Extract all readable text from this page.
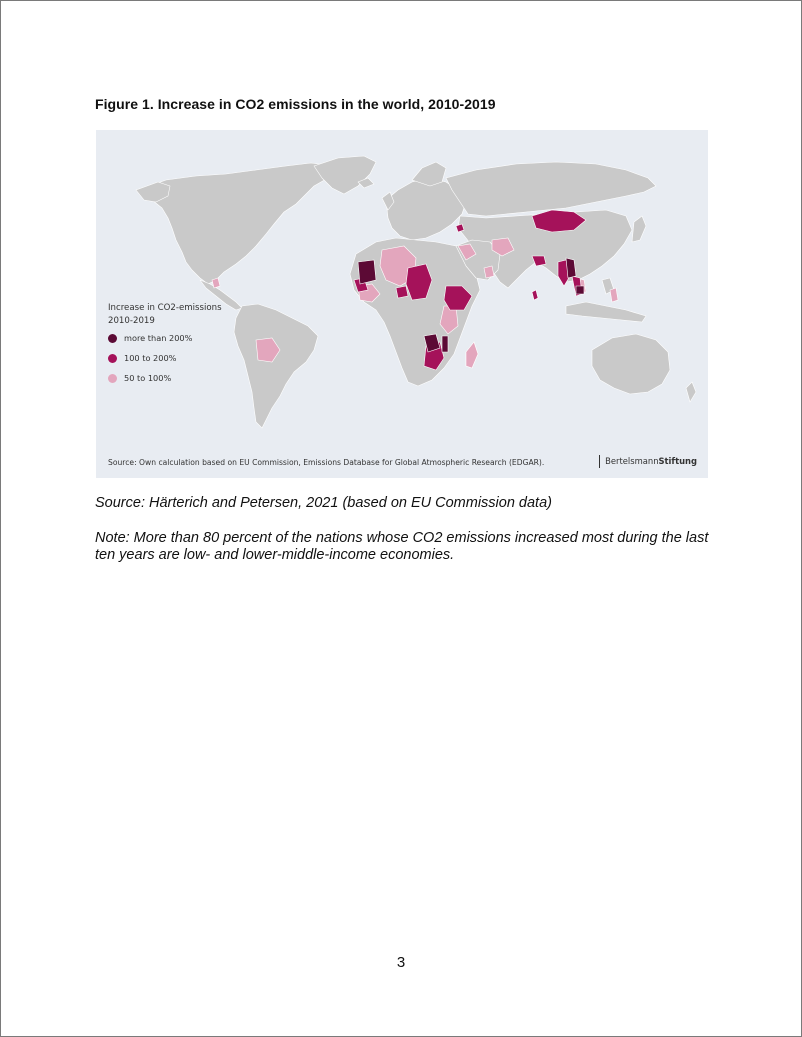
Figure 1. Increase in CO2 emissions in the world, 2010-2019
Increase in CO2-emissions 2010-2019
more than 200%
100 to 200%
50 to 100%
Source: Own calculation based on EU Commission, Emissions Database for Global Atmospheric Research (EDGAR).	BertelsmannStiftung
Source: Härterich and Petersen, 2021 (based on EU Commission data)
Note: More than 80 percent of the nations whose CO2 emissions increased most during the last ten years are low- and lower-middle-income economies.
3
